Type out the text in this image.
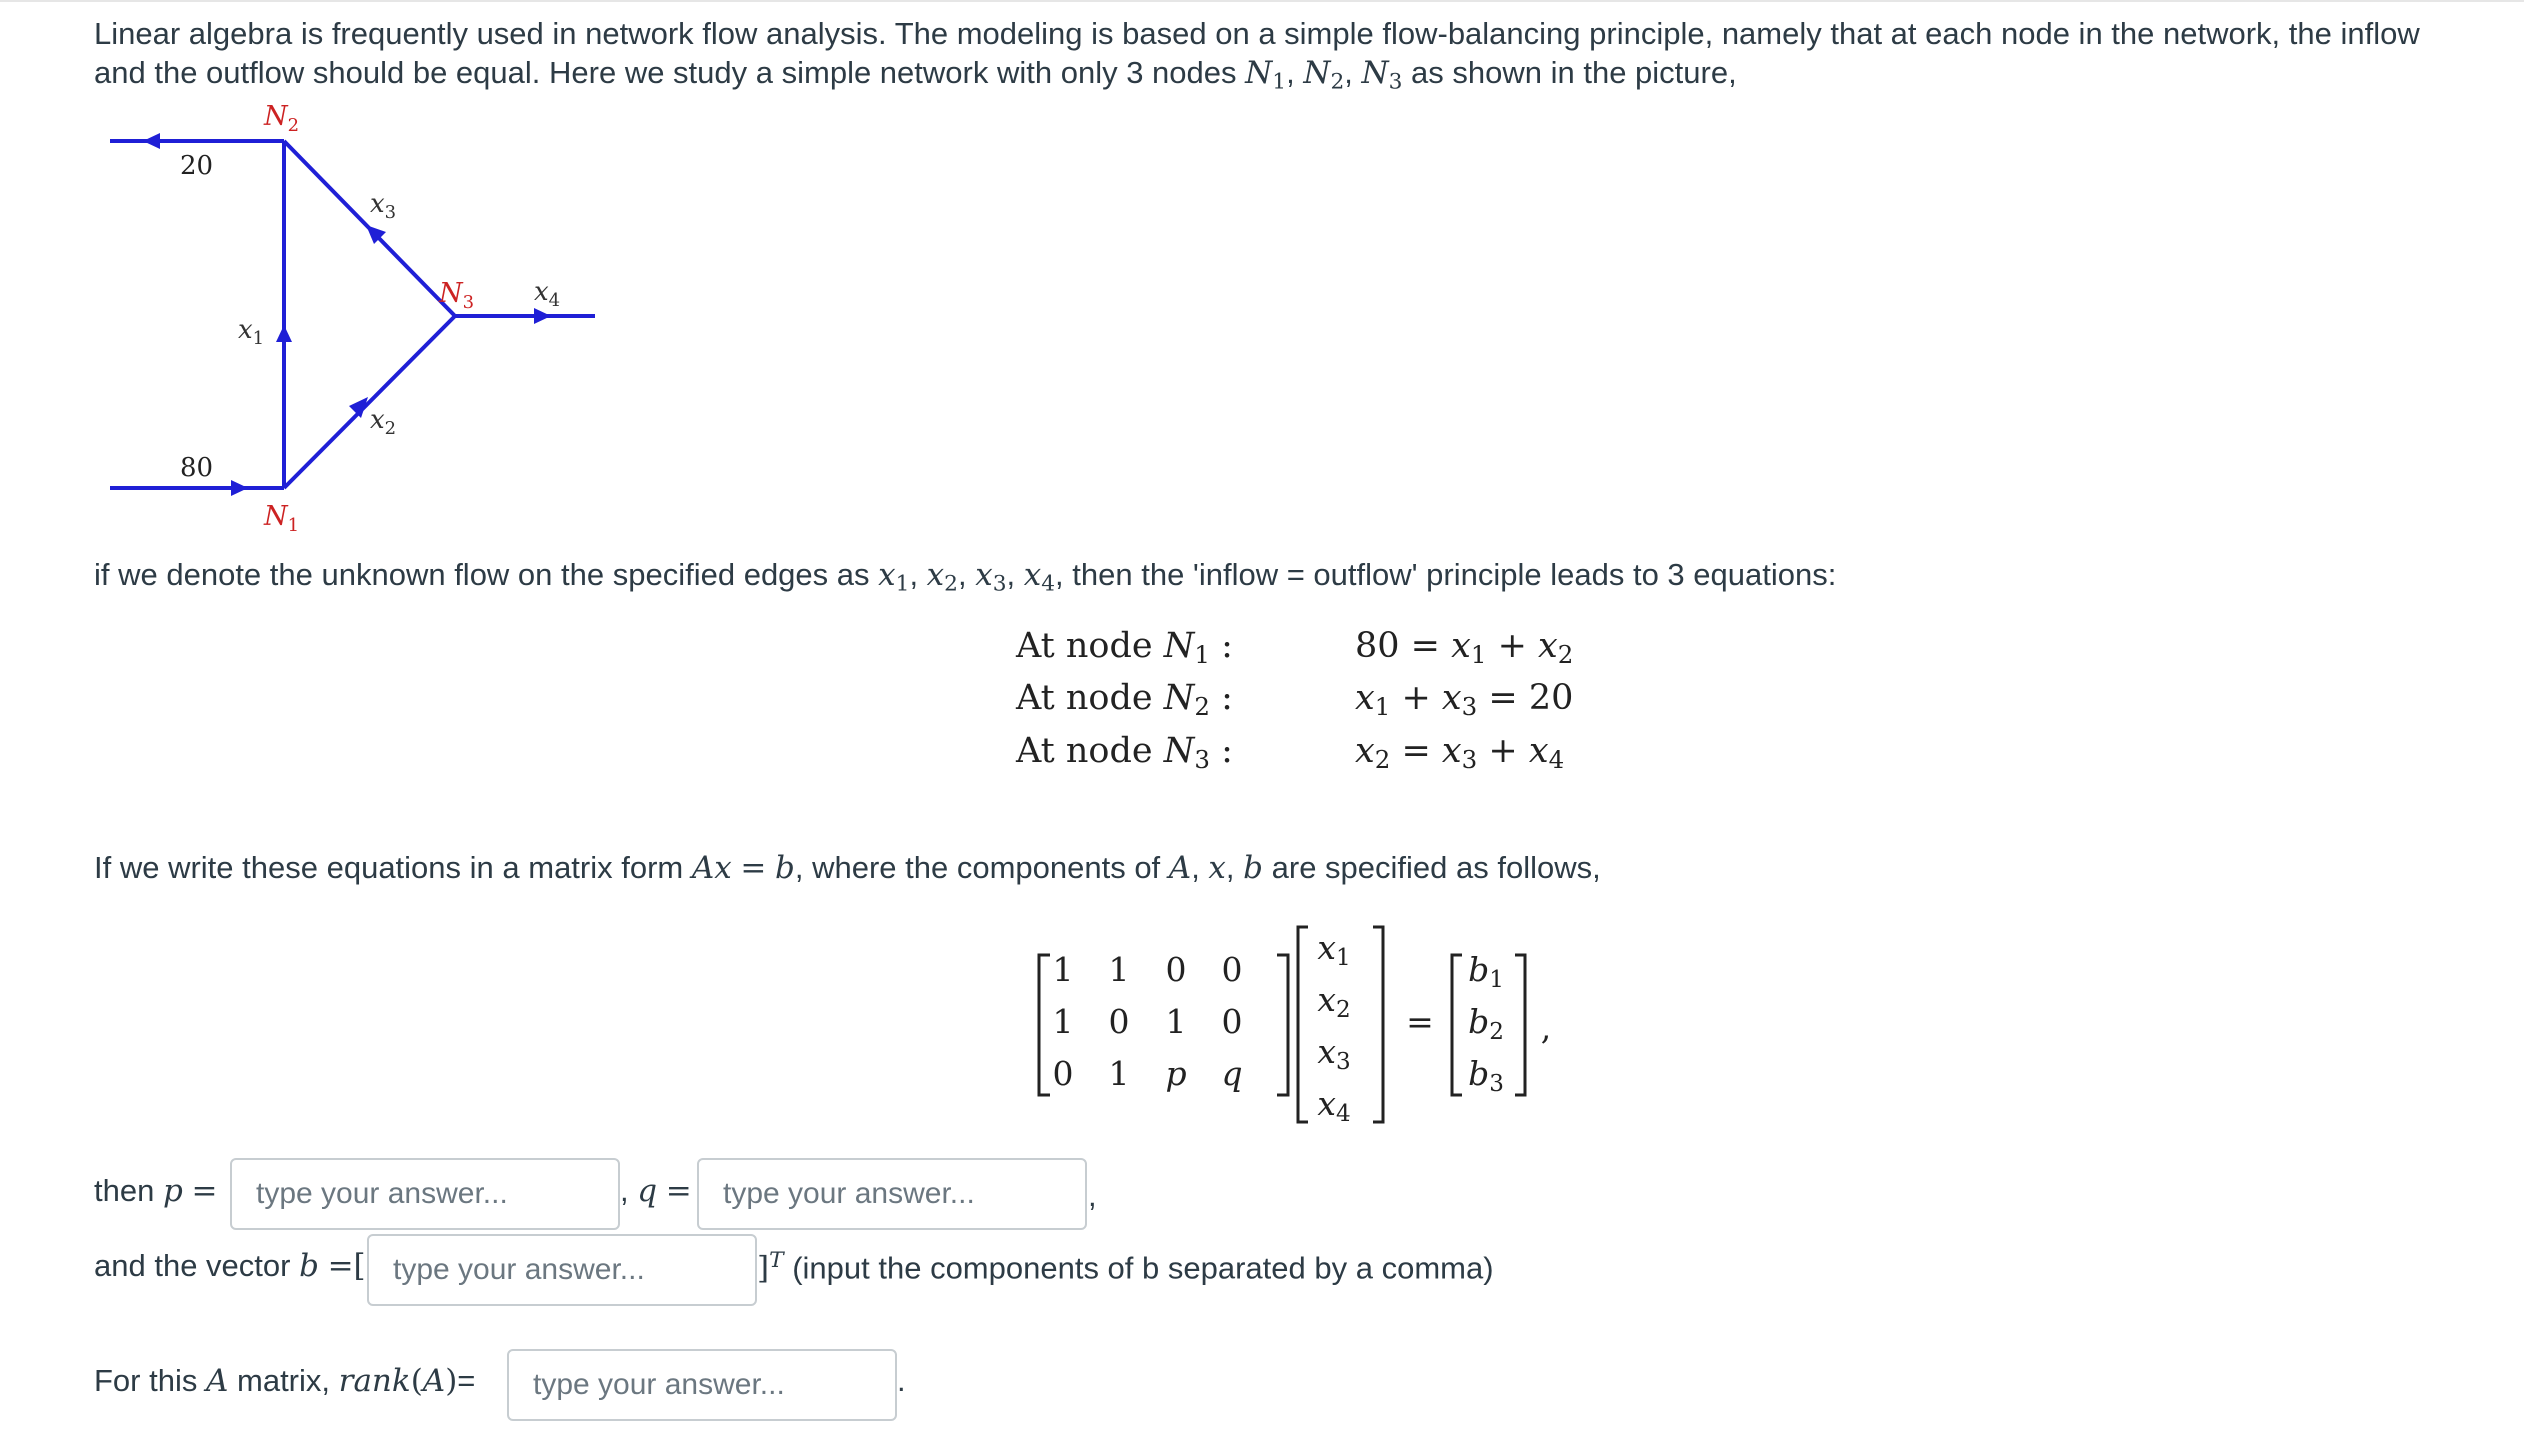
Linear algebra is frequently used in network flow analysis. The modeling is based on a simple flow-balancing principle, namely that at each node in the network, the inflow
and the outflow should be equal. Here we study a simple network with only 3 nodes $N_1$, $N_2$, $N_3$ as shown in the picture,
20
80
$N_2$
$N_1$
$N_3$
$x_1$
$x_2$
$x_3$
$x_4$
if we denote the unknown flow on the specified edges as $x_1$, $x_2$, $x_3$, $x_4$, then the 'inflow = outflow' principle leads to 3 equations:
At node $N_1$ :	$80 = x_1 + x_2$
At node $N_2$ :	$x_1 + x_3 = 20$
At node $N_3$ :	$x_2 = x_3 + x_4$
If we write these equations in a matrix form Ax = b, where the components of A, x, b are specified as follows,
1 1 0 0
1 0 1 0
0 1 p q
$x_1$
$x_2$
$x_3$
$x_4$
=
$b_1$
$b_2$
$b_3$
,
then p =	type your answer...	, q =	type your answer...	,
and the vector b =[ type your answer...	]$^T$ (input the components of b separated by a comma)
For this A matrix, rank(A)=	type your answer...	.
